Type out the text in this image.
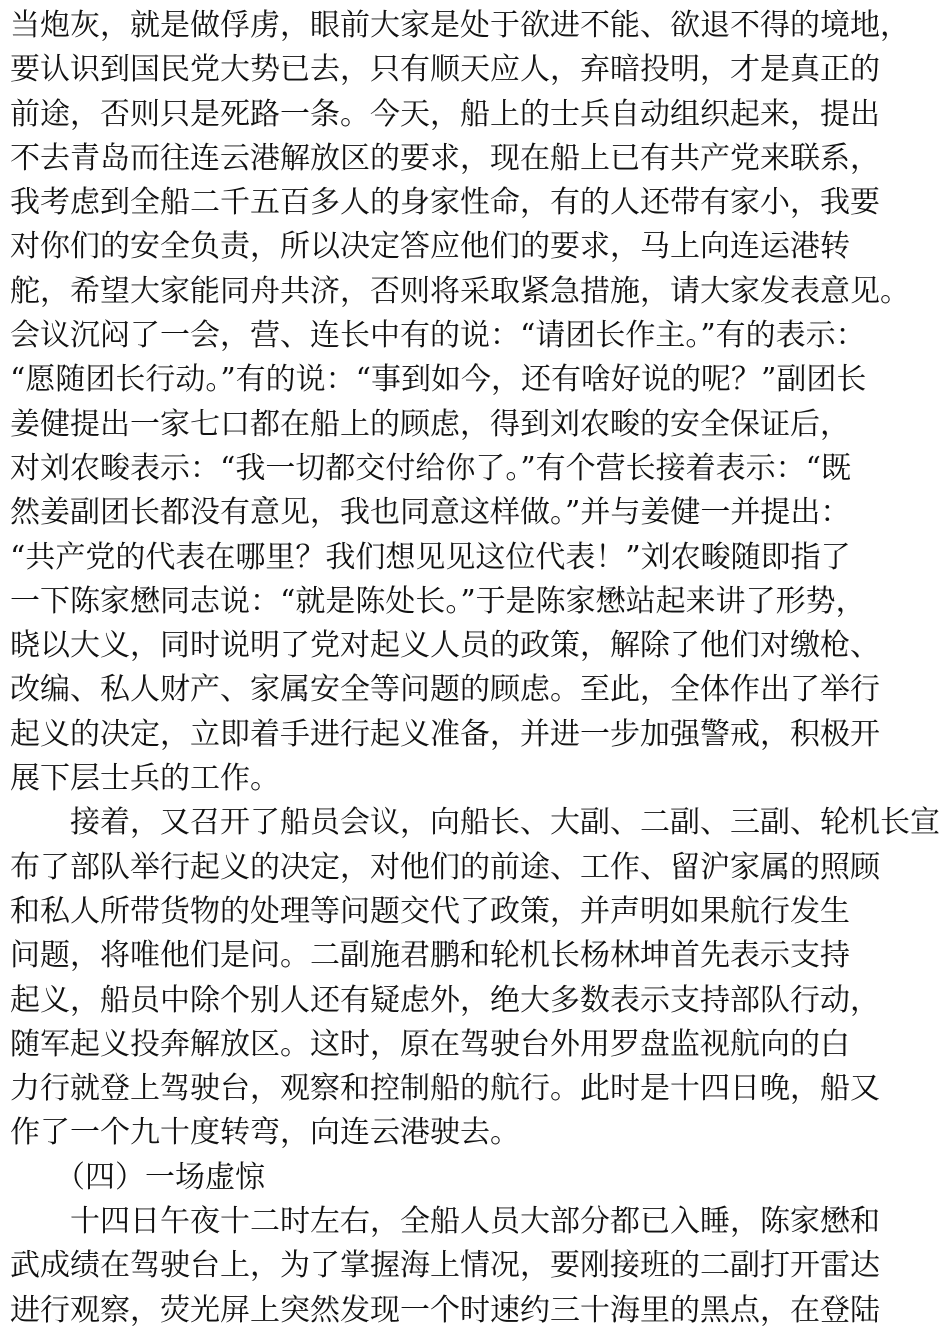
当炮灰，就是做俘虏，眼前大家是处于欲进不能、欲退不得的境地，
要认识到国民党大势已去，只有顺天应人，弃暗投明，才是真正的
前途，否则只是死路一条。今天，船上的士兵自动组织起来，提出
不去青岛而往连云港解放区的要求，现在船上已有共产党来联系，
我考虑到全船二千五百多人的身家性命，有的人还带有家小，我要
对你们的安全负责，所以决定答应他们的要求，马上向连运港转
舵，希望大家能同舟共济，否则将采取紧急措施，请大家发表意见。
会议沉闷了一会，营、连长中有的说：“请团长作主。”有的表示：
“愿随团长行动。”有的说：“事到如今，还有啥好说的呢？”副团长
姜健提出一家七口都在船上的顾虑，得到刘农畯的安全保证后，
对刘农畯表示：“我一切都交付给你了。”有个营长接着表示：“既
然姜副团长都没有意见，我也同意这样做。”并与姜健一并提出：
“共产党的代表在哪里？我们想见见这位代表！”刘农畯随即指了
一下陈家懋同志说：“就是陈处长。”于是陈家懋站起来讲了形势，
晓以大义，同时说明了党对起义人员的政策，解除了他们对缴枪、
改编、私人财产、家属安全等问题的顾虑。至此，全体作出了举行
起义的决定，立即着手进行起义准备，并进一步加强警戒，积极开
展下层士兵的工作。
　　接着，又召开了船员会议，向船长、大副、二副、三副、轮机长宣
布了部队举行起义的决定，对他们的前途、工作、留沪家属的照顾
和私人所带货物的处理等问题交代了政策，并声明如果航行发生
问题，将唯他们是问。二副施君鹏和轮机长杨林坤首先表示支持
起义，船员中除个别人还有疑虑外，绝大多数表示支持部队行动，
随军起义投奔解放区。这时，原在驾驶台外用罗盘监视航向的白
力行就登上驾驶台，观察和控制船的航行。此时是十四日晚，船又
作了一个九十度转弯，向连云港驶去。
　　（四）一场虚惊
　　十四日午夜十二时左右，全船人员大部分都已入睡，陈家懋和
武成绩在驾驶台上，为了掌握海上情况，要刚接班的二副打开雷达
进行观察，荧光屏上突然发现一个时速约三十海里的黑点，在登陆
